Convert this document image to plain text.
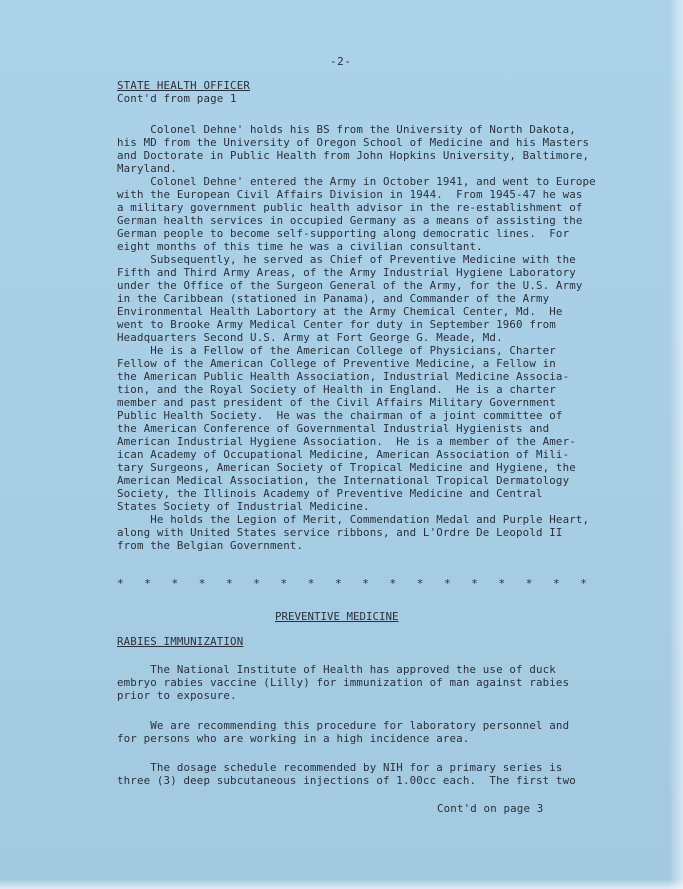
-2-
STATE HEALTH OFFICER
Cont'd from page 1
Colonel Dehne' holds his BS from the University of North Dakota,
his MD from the University of Oregon School of Medicine and his Masters
and Doctorate in Public Health from John Hopkins University, Baltimore,
Maryland.
Colonel Dehne' entered the Army in October 1941, and went to Europe
with the European Civil Affairs Division in 1944.  From 1945-47 he was
a military government public health advisor in the re-establishment of
German health services in occupied Germany as a means of assisting the
German people to become self-supporting along democratic lines.  For
eight months of this time he was a civilian consultant.
Subsequently, he served as Chief of Preventive Medicine with the
Fifth and Third Army Areas, of the Army Industrial Hygiene Laboratory
under the Office of the Surgeon General of the Army, for the U.S. Army
in the Caribbean (stationed in Panama), and Commander of the Army
Environmental Health Labortory at the Army Chemical Center, Md.  He
went to Brooke Army Medical Center for duty in September 1960 from
Headquarters Second U.S. Army at Fort George G. Meade, Md.
He is a Fellow of the American College of Physicians, Charter
Fellow of the American College of Preventive Medicine, a Fellow in
the American Public Health Association, Industrial Medicine Associa-
tion, and the Royal Society of Health in England.  He is a charter
member and past president of the Civil Affairs Military Government
Public Health Society.  He was the chairman of a joint committee of
the American Conference of Governmental Industrial Hygienists and
American Industrial Hygiene Association.  He is a member of the Amer-
ican Academy of Occupational Medicine, American Association of Mili-
tary Surgeons, American Society of Tropical Medicine and Hygiene, the
American Medical Association, the International Tropical Dermatology
Society, the Illinois Academy of Preventive Medicine and Central
States Society of Industrial Medicine.
He holds the Legion of Merit, Commendation Medal and Purple Heart,
along with United States service ribbons, and L'Ordre De Leopold II
from the Belgian Government.
* * * * * * * * * * * * * * * * * *
PREVENTIVE MEDICINE
RABIES IMMUNIZATION
The National Institute of Health has approved the use of duck
embryo rabies vaccine (Lilly) for immunization of man against rabies
prior to exposure.
We are recommending this procedure for laboratory personnel and
for persons who are working in a high incidence area.
The dosage schedule recommended by NIH for a primary series is
three (3) deep subcutaneous injections of 1.00cc each.  The first two
Cont'd on page 3
